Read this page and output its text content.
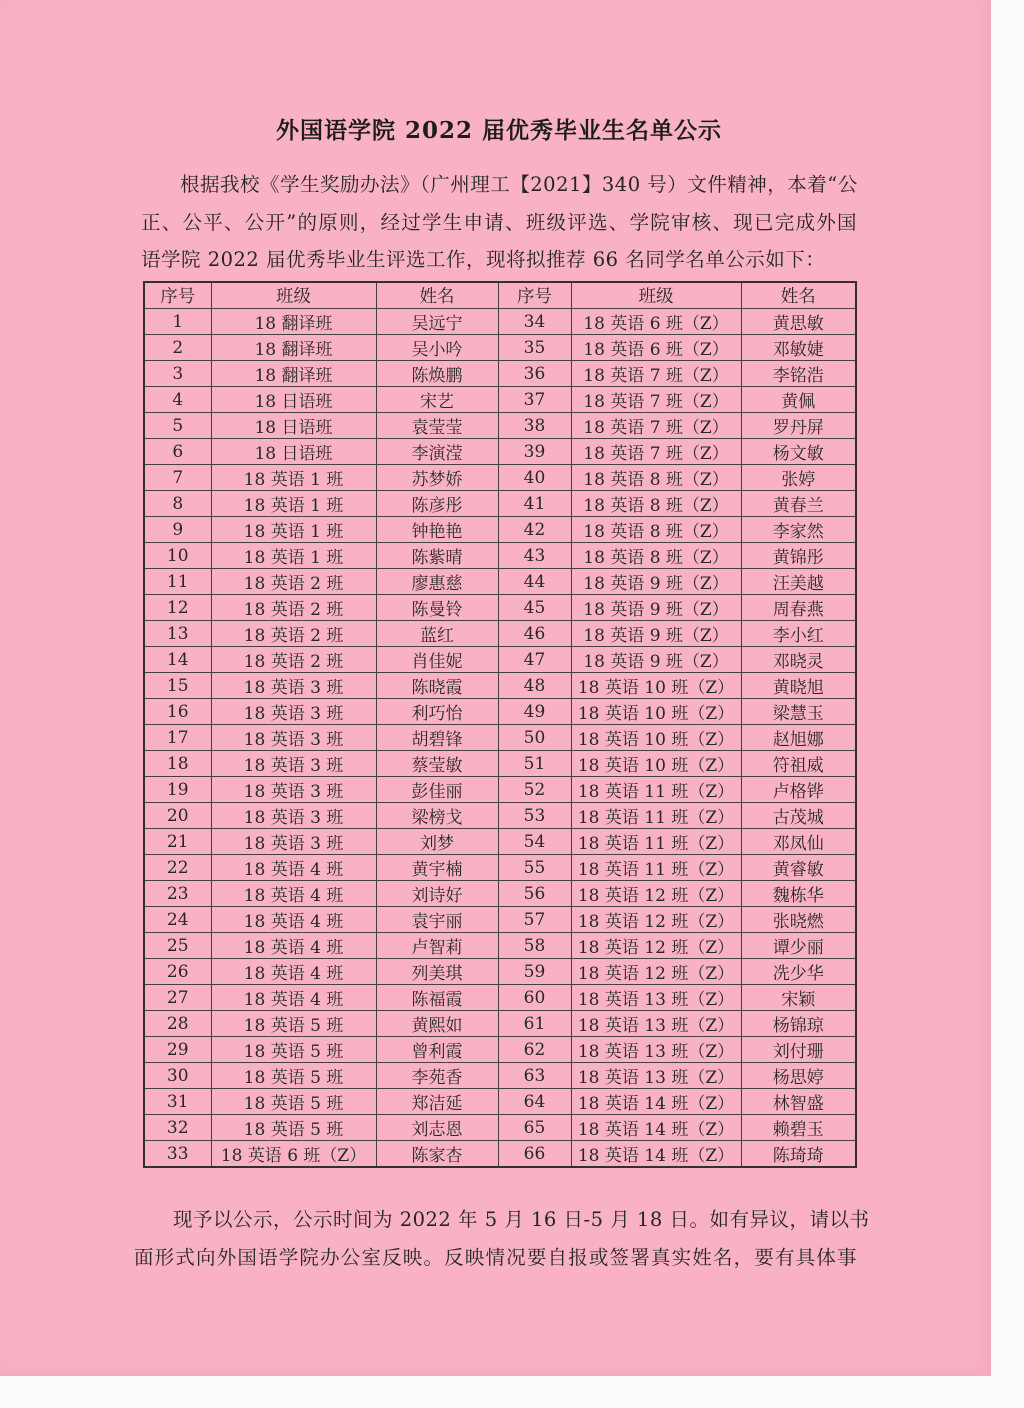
外国语学院 2022 届优秀毕业生名单公示
根据我校《学生奖励办法》（广州理工【2021】340 号）文件精神，本着“公
正、公平、公开”的原则，经过学生申请、班级评选、学院审核、现已完成外国
语学院 2022 届优秀毕业生评选工作，现将拟推荐 66 名同学名单公示如下：
序号	班级	姓名	序号	班级	姓名
1	18 翻译班	吴远宁	34	18 英语 6 班（Z）	黄思敏
2	18 翻译班	吴小吟	35	18 英语 6 班（Z）	邓敏婕
3	18 翻译班	陈焕鹏	36	18 英语 7 班（Z）	李铭浩
4	18 日语班	宋艺	37	18 英语 7 班（Z）	黄佩
5	18 日语班	袁莹莹	38	18 英语 7 班（Z）	罗丹屏
6	18 日语班	李演滢	39	18 英语 7 班（Z）	杨文敏
7	18 英语 1 班	苏梦娇	40	18 英语 8 班（Z）	张婷
8	18 英语 1 班	陈彦彤	41	18 英语 8 班（Z）	黄春兰
9	18 英语 1 班	钟艳艳	42	18 英语 8 班（Z）	李家然
10	18 英语 1 班	陈紫晴	43	18 英语 8 班（Z）	黄锦彤
11	18 英语 2 班	廖惠慈	44	18 英语 9 班（Z）	汪美越
12	18 英语 2 班	陈曼铃	45	18 英语 9 班（Z）	周春燕
13	18 英语 2 班	蓝红	46	18 英语 9 班（Z）	李小红
14	18 英语 2 班	肖佳妮	47	18 英语 9 班（Z）	邓晓灵
15	18 英语 3 班	陈晓霞	48	18 英语 10 班（Z）	黄晓旭
16	18 英语 3 班	利巧怡	49	18 英语 10 班（Z）	梁慧玉
17	18 英语 3 班	胡碧锋	50	18 英语 10 班（Z）	赵旭娜
18	18 英语 3 班	蔡莹敏	51	18 英语 10 班（Z）	符祖威
19	18 英语 3 班	彭佳丽	52	18 英语 11 班（Z）	卢格铧
20	18 英语 3 班	梁榜戈	53	18 英语 11 班（Z）	古茂城
21	18 英语 3 班	刘梦	54	18 英语 11 班（Z）	邓凤仙
22	18 英语 4 班	黄宇楠	55	18 英语 11 班（Z）	黄睿敏
23	18 英语 4 班	刘诗好	56	18 英语 12 班（Z）	魏栋华
24	18 英语 4 班	袁宇丽	57	18 英语 12 班（Z）	张晓燃
25	18 英语 4 班	卢智莉	58	18 英语 12 班（Z）	谭少丽
26	18 英语 4 班	列美琪	59	18 英语 12 班（Z）	冼少华
27	18 英语 4 班	陈福霞	60	18 英语 13 班（Z）	宋颖
28	18 英语 5 班	黄熙如	61	18 英语 13 班（Z）	杨锦琼
29	18 英语 5 班	曾利霞	62	18 英语 13 班（Z）	刘付珊
30	18 英语 5 班	李苑香	63	18 英语 13 班（Z）	杨思婷
31	18 英语 5 班	郑洁延	64	18 英语 14 班（Z）	林智盛
32	18 英语 5 班	刘志恩	65	18 英语 14 班（Z）	赖碧玉
33	18 英语 6 班（Z）	陈家杏	66	18 英语 14 班（Z）	陈琦琦
现予以公示，公示时间为 2022 年 5 月 16 日-5 月 18 日。如有异议，请以书
面形式向外国语学院办公室反映。反映情况要自报或签署真实姓名，要有具体事
